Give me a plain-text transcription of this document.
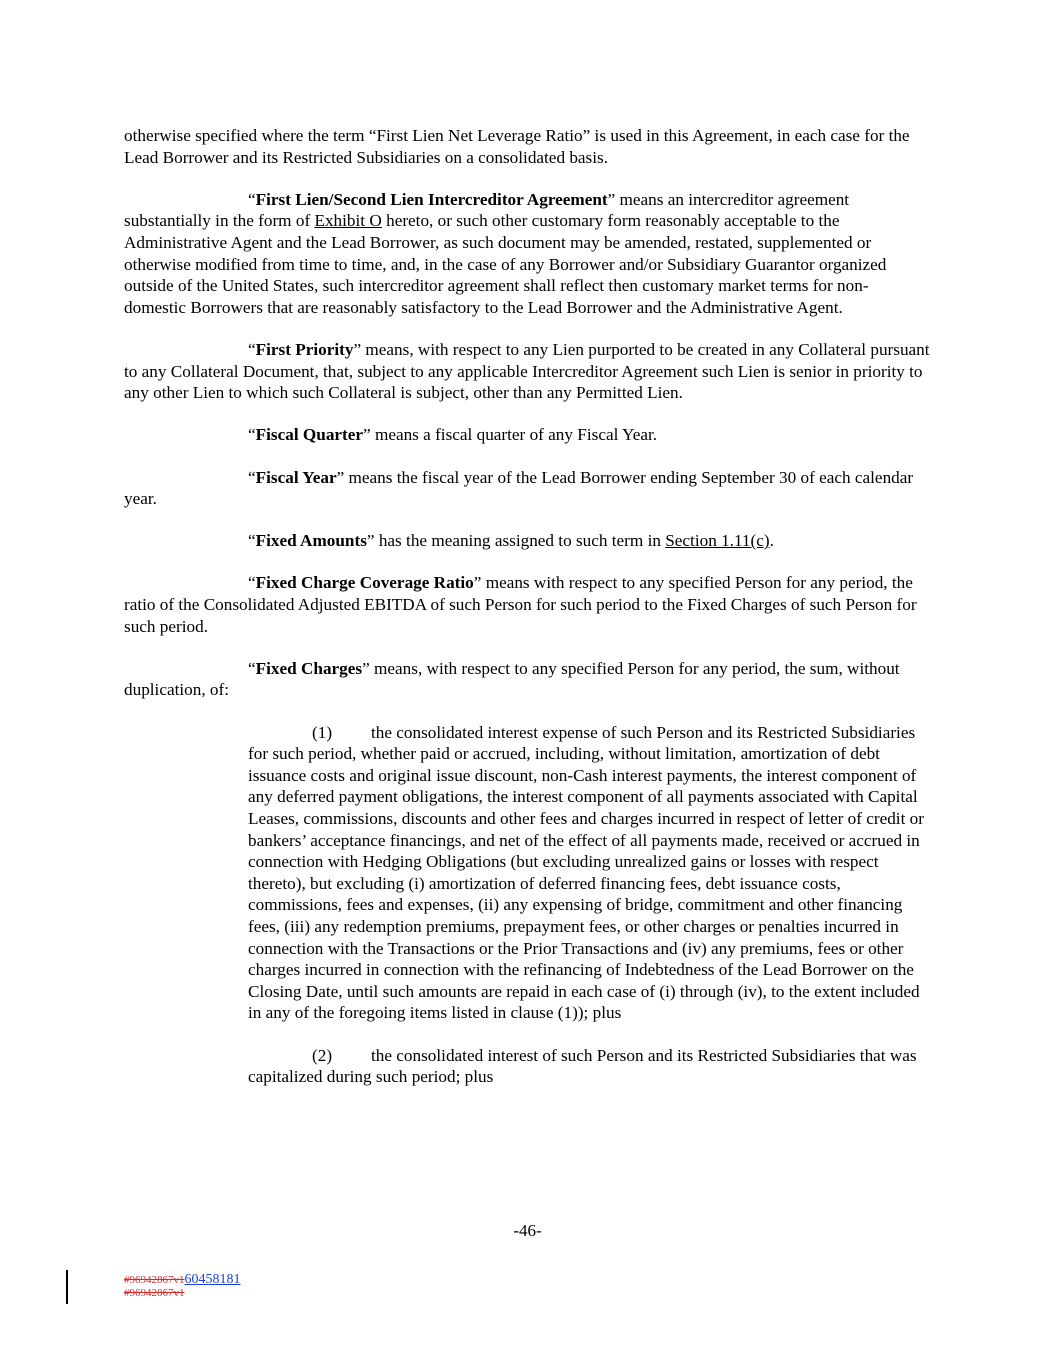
otherwise specified where the term “First Lien Net Leverage Ratio” is used in this Agreement, in each case for the Lead Borrower and its Restricted Subsidiaries on a consolidated basis.

“First Lien/Second Lien Intercreditor Agreement” means an intercreditor agreement substantially in the form of Exhibit O hereto, or such other customary form reasonably acceptable to the Administrative Agent and the Lead Borrower, as such document may be amended, restated, supplemented or otherwise modified from time to time, and, in the case of any Borrower and/or Subsidiary Guarantor organized outside of the United States, such intercreditor agreement shall reflect then customary market terms for non-domestic Borrowers that are reasonably satisfactory to the Lead Borrower and the Administrative Agent.

“First Priority” means, with respect to any Lien purported to be created in any Collateral pursuant to any Collateral Document, that, subject to any applicable Intercreditor Agreement such Lien is senior in priority to any other Lien to which such Collateral is subject, other than any Permitted Lien.

“Fiscal Quarter” means a fiscal quarter of any Fiscal Year.

“Fiscal Year” means the fiscal year of the Lead Borrower ending September 30 of each calendar year.

“Fixed Amounts” has the meaning assigned to such term in Section 1.11(c).

“Fixed Charge Coverage Ratio” means with respect to any specified Person for any period, the ratio of the Consolidated Adjusted EBITDA of such Person for such period to the Fixed Charges of such Person for such period.

“Fixed Charges” means, with respect to any specified Person for any period, the sum, without duplication, of:

(1) the consolidated interest expense of such Person and its Restricted Subsidiaries for such period, whether paid or accrued, including, without limitation, amortization of debt issuance costs and original issue discount, non-Cash interest payments, the interest component of any deferred payment obligations, the interest component of all payments associated with Capital Leases, commissions, discounts and other fees and charges incurred in respect of letter of credit or bankers’ acceptance financings, and net of the effect of all payments made, received or accrued in connection with Hedging Obligations (but excluding unrealized gains or losses with respect thereto), but excluding (i) amortization of deferred financing fees, debt issuance costs, commissions, fees and expenses, (ii) any expensing of bridge, commitment and other financing fees, (iii) any redemption premiums, prepayment fees, or other charges or penalties incurred in connection with the Transactions or the Prior Transactions and (iv) any premiums, fees or other charges incurred in connection with the refinancing of Indebtedness of the Lead Borrower on the Closing Date, until such amounts are repaid in each case of (i) through (iv), to the extent included in any of the foregoing items listed in clause (1)); plus

(2) the consolidated interest of such Person and its Restricted Subsidiaries that was capitalized during such period; plus

-46-
#96942867v160458181
#96942867v1
